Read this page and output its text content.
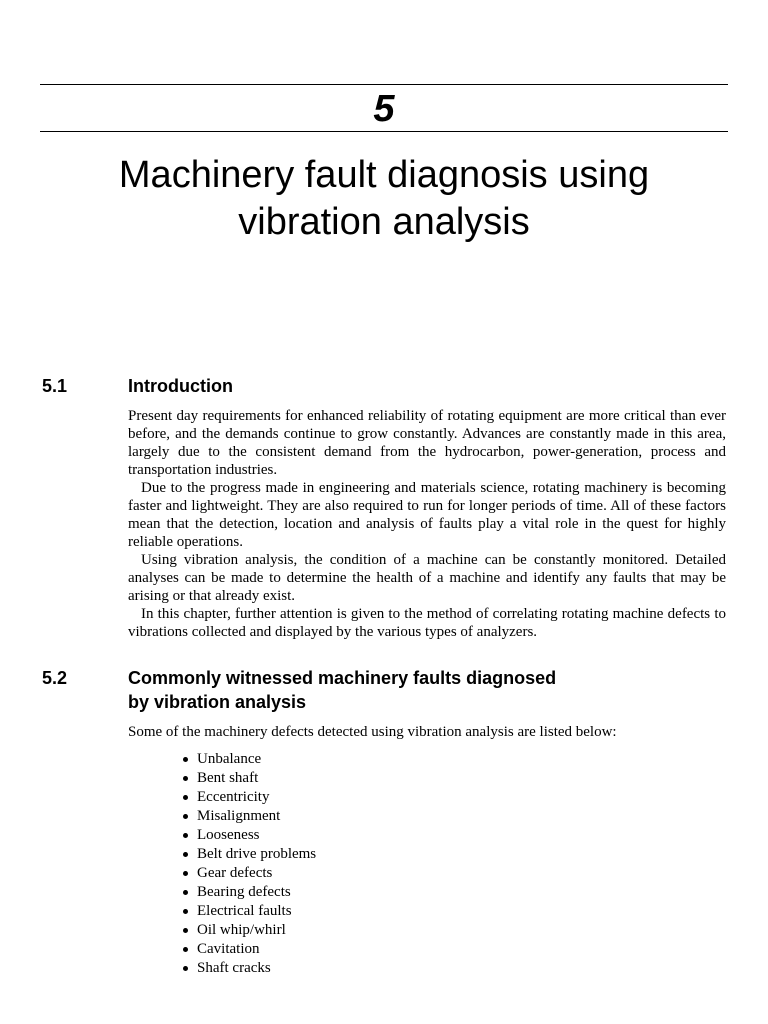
5
Machinery fault diagnosis using
vibration analysis
5.1	Introduction

Present day requirements for enhanced reliability of rotating equipment are more critical than ever before, and the demands continue to grow constantly. Advances are constantly made in this area, largely due to the consistent demand from the hydrocarbon, power-generation, process and transportation industries.

Due to the progress made in engineering and materials science, rotating machinery is becoming faster and lightweight. They are also required to run for longer periods of time. All of these factors mean that the detection, location and analysis of faults play a vital role in the quest for highly reliable operations.

Using vibration analysis, the condition of a machine can be constantly monitored. Detailed analyses can be made to determine the health of a machine and identify any faults that may be arising or that already exist.

In this chapter, further attention is given to the method of correlating rotating machine defects to vibrations collected and displayed by the various types of analyzers.

5.2	Commonly witnessed machinery faults diagnosed
by vibration analysis
Some of the machinery defects detected using vibration analysis are listed below:
Unbalance
Bent shaft
Eccentricity
Misalignment
Looseness
Belt drive problems
Gear defects
Bearing defects
Electrical faults
Oil whip/whirl
Cavitation
Shaft cracks
